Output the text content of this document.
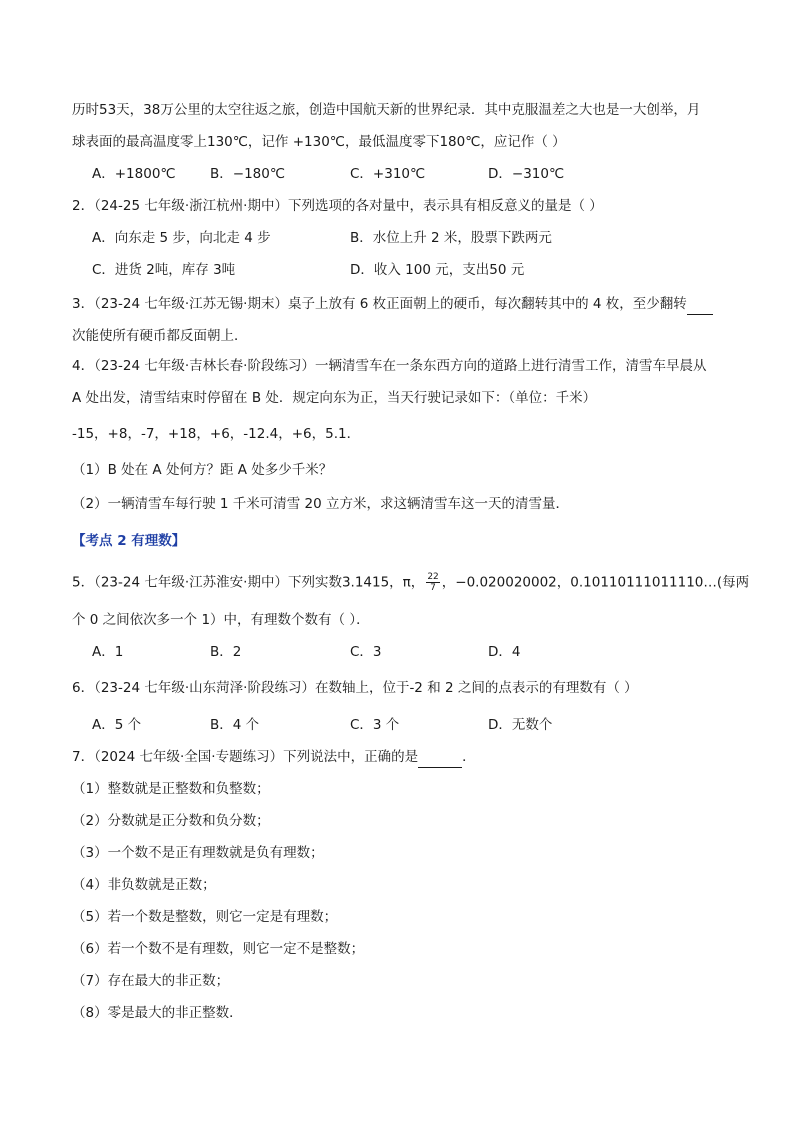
历时53天，38万公里的太空往返之旅，创造中国航天新的世界纪录．其中克服温差之大也是一大创举，月
球表面的最高温度零上130℃，记作 +130℃，最低温度零下180℃，应记作（ ）
A．+1800℃	B．−180℃	C．+310℃	D．−310℃
2．（24-25 七年级·浙江杭州·期中）下列选项的各对量中，表示具有相反意义的量是（ ）
A．向东走 5 步，向北走 4 步	B．水位上升 2 米，股票下跌两元
C．进货 2吨，库存 3吨	D．收入 100 元，支出50 元
3．（23-24 七年级·江苏无锡·期末）桌子上放有 6 枚正面朝上的硬币，每次翻转其中的 4 枚，至少翻转
次能使所有硬币都反面朝上．
4．（23-24 七年级·吉林长春·阶段练习）一辆清雪车在一条东西方向的道路上进行清雪工作，清雪车早晨从
A 处出发，清雪结束时停留在 B 处．规定向东为正，当天行驶记录如下：（单位：千米）
-15，+8，-7，+18，+6，-12.4，+6，5.1．
（1）B 处在 A 处何方？距 A 处多少千米？
（2）一辆清雪车每行驶 1 千米可清雪 20 立方米，求这辆清雪车这一天的清雪量．
【考点 2 有理数】
5．（23-24 七年级·江苏淮安·期中）下列实数3.1415，π， $\frac{22}{7}$ ，−0.020020002，0.10110111011110…(每两
个 0 之间依次多一个 1）中，有理数个数有（ ）．
A．1	B．2	C．3	D．4
6．（23-24 七年级·山东菏泽·阶段练习）在数轴上，位于-2 和 2 之间的点表示的有理数有（ ）
A．5 个	B．4 个	C．3 个	D．无数个
7．（2024 七年级·全国·专题练习）下列说法中，正确的是	．
（1）整数就是正整数和负整数；
（2）分数就是正分数和负分数；
（3）一个数不是正有理数就是负有理数；
（4）非负数就是正数；
（5）若一个数是整数，则它一定是有理数；
（6）若一个数不是有理数，则它一定不是整数；
（7）存在最大的非正数；
（8）零是最大的非正整数．
